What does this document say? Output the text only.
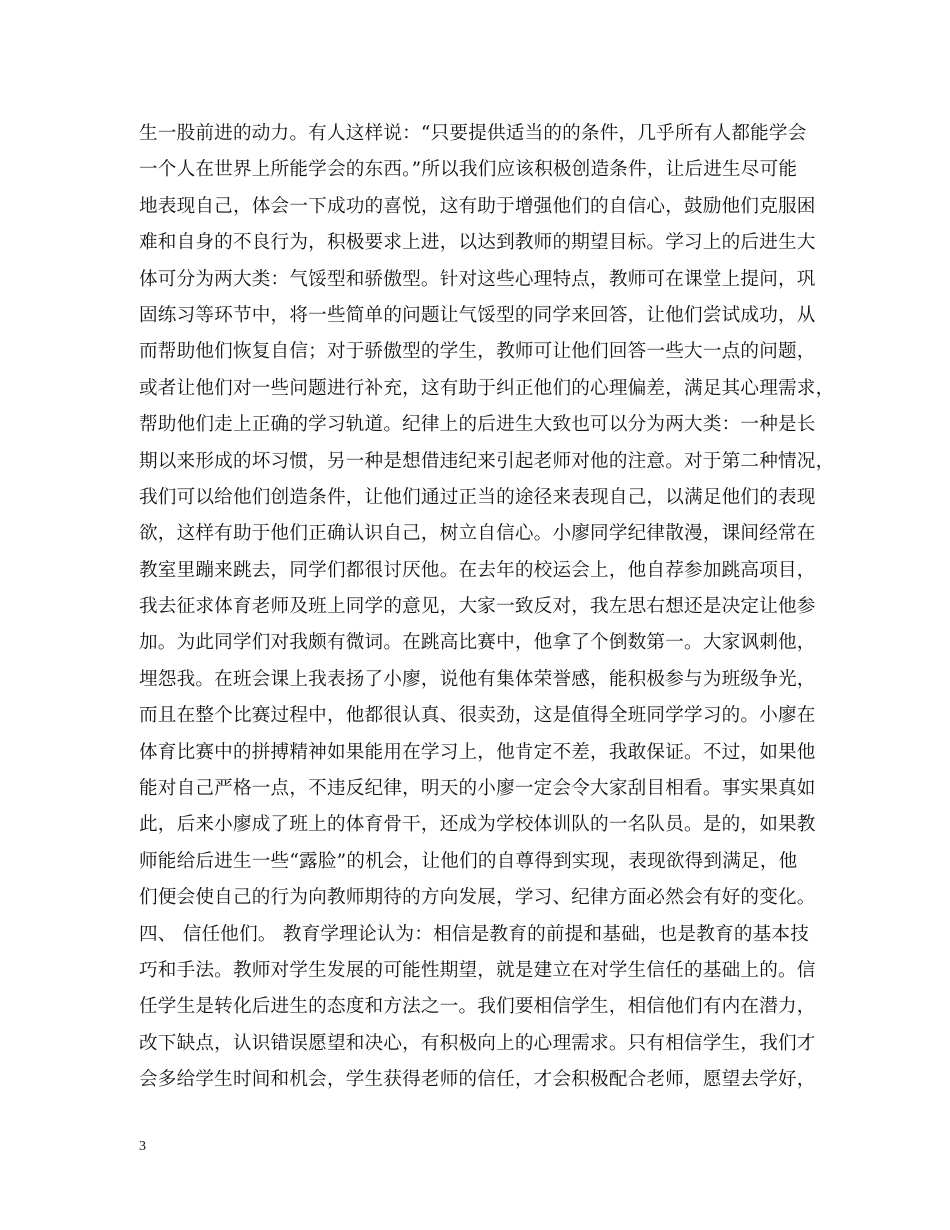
生一股前进的动力。有人这样说：“只要提供适当的的条件，几乎所有人都能学会
一个人在世界上所能学会的东西。”所以我们应该积极创造条件，让后进生尽可能
地表现自己，体会一下成功的喜悦，这有助于增强他们的自信心，鼓励他们克服困
难和自身的不良行为，积极要求上进，以达到教师的期望目标。学习上的后进生大
体可分为两大类：气馁型和骄傲型。针对这些心理特点，教师可在课堂上提问，巩
固练习等环节中，将一些简单的问题让气馁型的同学来回答，让他们尝试成功，从
而帮助他们恢复自信；对于骄傲型的学生，教师可让他们回答一些大一点的问题，
或者让他们对一些问题进行补充，这有助于纠正他们的心理偏差，满足其心理需求，
帮助他们走上正确的学习轨道。纪律上的后进生大致也可以分为两大类：一种是长
期以来形成的坏习惯，另一种是想借违纪来引起老师对他的注意。对于第二种情况，
我们可以给他们创造条件，让他们通过正当的途径来表现自己，以满足他们的表现
欲，这样有助于他们正确认识自己，树立自信心。小廖同学纪律散漫，课间经常在
教室里蹦来跳去，同学们都很讨厌他。在去年的校运会上，他自荐参加跳高项目，
我去征求体育老师及班上同学的意见，大家一致反对，我左思右想还是决定让他参
加。为此同学们对我颇有微词。在跳高比赛中，他拿了个倒数第一。大家讽刺他，
埋怨我。在班会课上我表扬了小廖，说他有集体荣誉感，能积极参与为班级争光，
而且在整个比赛过程中，他都很认真、很卖劲，这是值得全班同学学习的。小廖在
体育比赛中的拼搏精神如果能用在学习上，他肯定不差，我敢保证。不过，如果他
能对自己严格一点，不违反纪律，明天的小廖一定会令大家刮目相看。事实果真如
此，后来小廖成了班上的体育骨干，还成为学校体训队的一名队员。是的，如果教
师能给后进生一些“露脸”的机会，让他们的自尊得到实现，表现欲得到满足，他
们便会使自己的行为向教师期待的方向发展，学习、纪律方面必然会有好的变化。
四、 信任他们。 教育学理论认为：相信是教育的前提和基础，也是教育的基本技
巧和手法。教师对学生发展的可能性期望，就是建立在对学生信任的基础上的。信
任学生是转化后进生的态度和方法之一。我们要相信学生，相信他们有内在潜力，
改下缺点，认识错误愿望和决心，有积极向上的心理需求。只有相信学生，我们才
会多给学生时间和机会，学生获得老师的信任，才会积极配合老师，愿望去学好，
3
